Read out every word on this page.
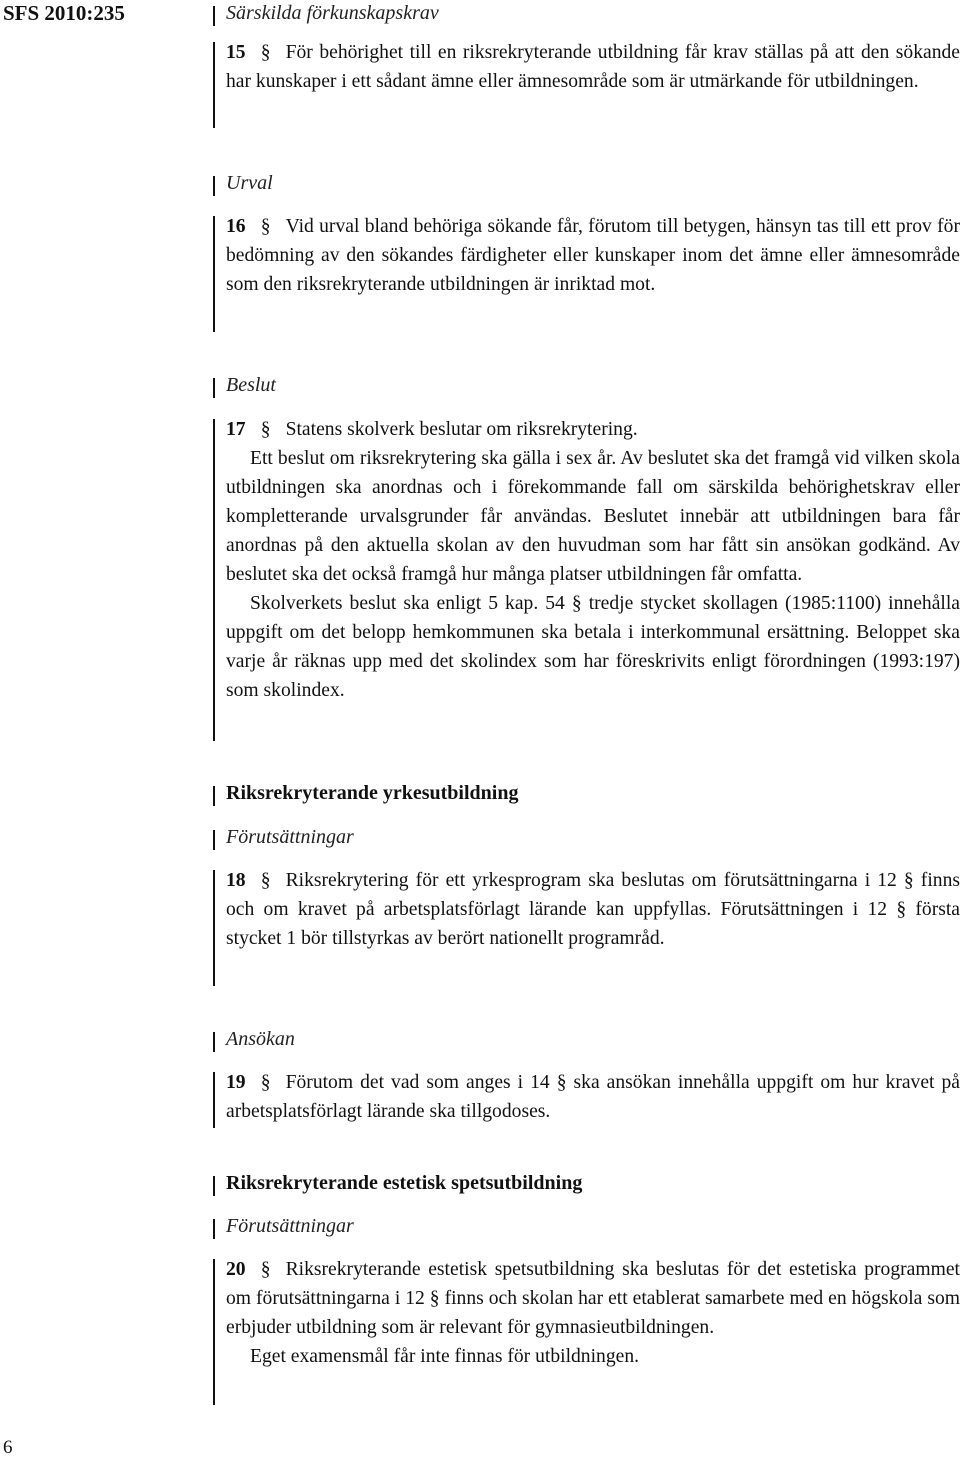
SFS 2010:235
6
Särskilda förkunskapskrav

15 § För behörighet till en riksrekryterande utbildning får krav ställas på att den sökande har kunskaper i ett sådant ämne eller ämnesområde som är utmärkande för utbildningen.

Urval

16 § Vid urval bland behöriga sökande får, förutom till betygen, hänsyn tas till ett prov för bedömning av den sökandes färdigheter eller kunskaper inom det ämne eller ämnesområde som den riksrekryterande utbildningen är inriktad mot.

Beslut

17 § Statens skolverk beslutar om riksrekrytering.

Ett beslut om riksrekrytering ska gälla i sex år. Av beslutet ska det framgå vid vilken skola utbildningen ska anordnas och i förekommande fall om särskilda behörighetskrav eller kompletterande urvalsgrunder får användas. Beslutet innebär att utbildningen bara får anordnas på den aktuella skolan av den huvudman som har fått sin ansökan godkänd. Av beslutet ska det också framgå hur många platser utbildningen får omfatta.

Skolverkets beslut ska enligt 5 kap. 54 § tredje stycket skollagen (1985:1100) innehålla uppgift om det belopp hemkommunen ska betala i interkommunal ersättning. Beloppet ska varje år räknas upp med det skolindex som har föreskrivits enligt förordningen (1993:197) som skolindex.

Riksrekryterande yrkesutbildning
Förutsättningar

18 § Riksrekrytering för ett yrkesprogram ska beslutas om förutsättningarna i 12 § finns och om kravet på arbetsplatsförlagt lärande kan uppfyllas. Förutsättningen i 12 § första stycket 1 bör tillstyrkas av berört nationellt programråd.

Ansökan

19 § Förutom det vad som anges i 14 § ska ansökan innehålla uppgift om hur kravet på arbetsplatsförlagt lärande ska tillgodoses.

Riksrekryterande estetisk spetsutbildning
Förutsättningar

20 § Riksrekryterande estetisk spetsutbildning ska beslutas för det estetiska programmet om förutsättningarna i 12 § finns och skolan har ett etablerat samarbete med en högskola som erbjuder utbildning som är relevant för gymnasieutbildningen.

Eget examensmål får inte finnas för utbildningen.
